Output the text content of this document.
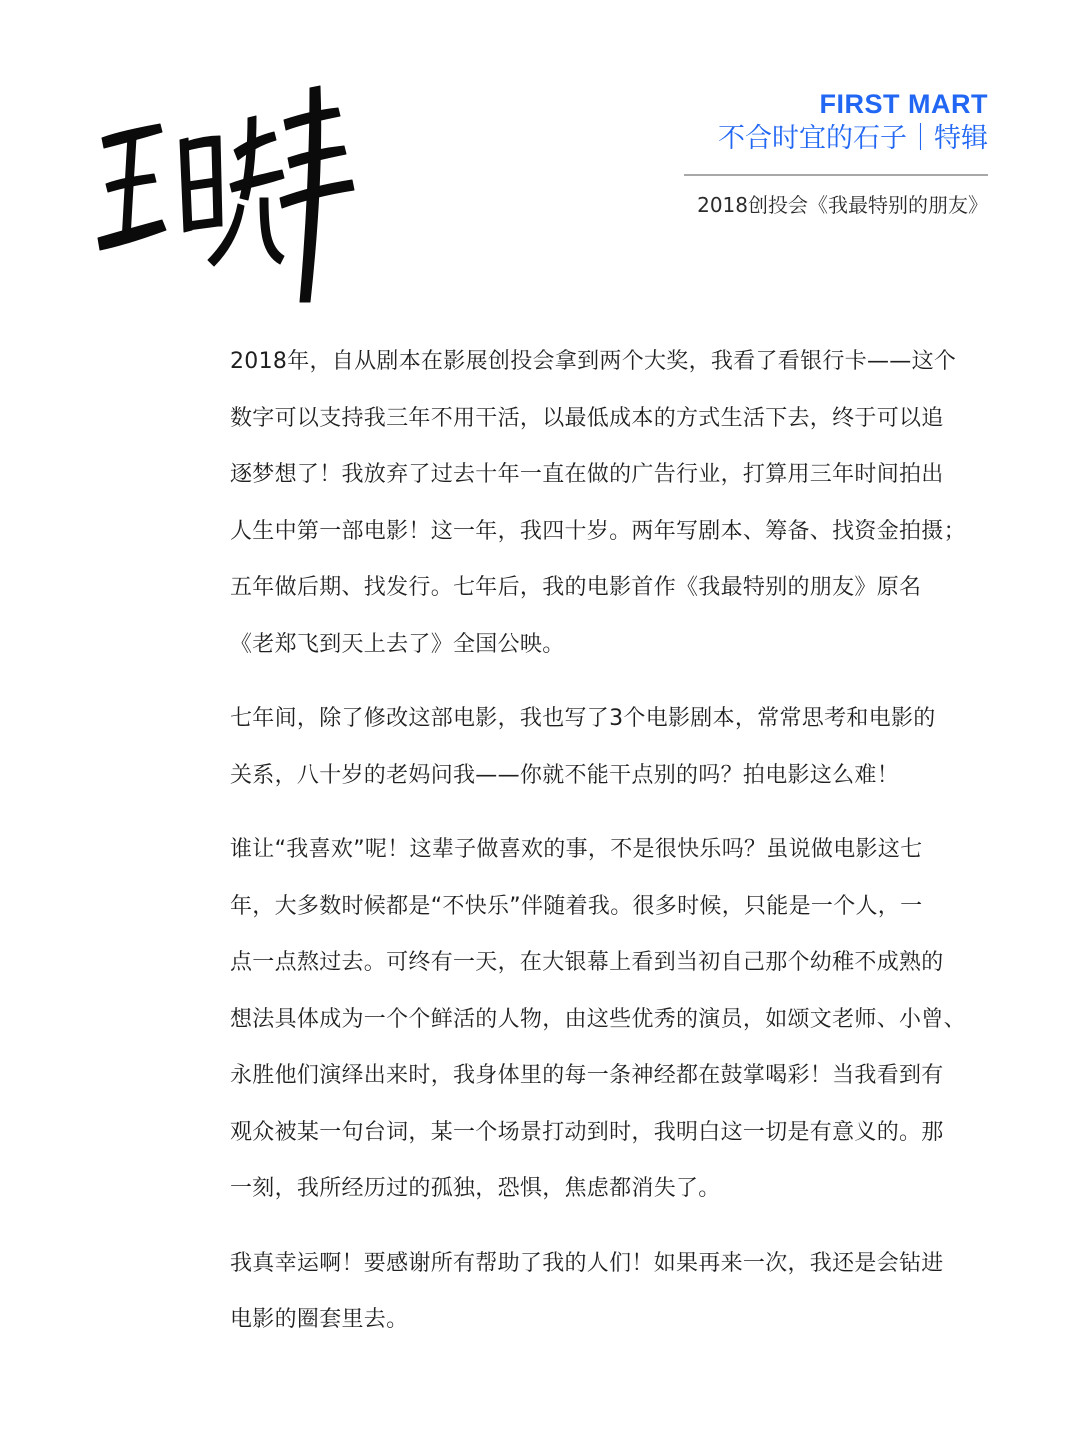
FIRST MART
不合时宜的石子｜特辑
2018创投会《我最特别的朋友》

2018年，自从剧本在影展创投会拿到两个大奖，我看了看银行卡——这个
数字可以支持我三年不用干活，以最低成本的方式生活下去，终于可以追
逐梦想了！我放弃了过去十年一直在做的广告行业，打算用三年时间拍出
人生中第一部电影！这一年，我四十岁。两年写剧本、筹备、找资金拍摄；
五年做后期、找发行。七年后，我的电影首作《我最特别的朋友》原名
《老郑飞到天上去了》全国公映。

七年间，除了修改这部电影，我也写了3个电影剧本，常常思考和电影的
关系，八十岁的老妈问我——你就不能干点别的吗？拍电影这么难！

谁让“我喜欢”呢！这辈子做喜欢的事，不是很快乐吗？虽说做电影这七
年，大多数时候都是“不快乐”伴随着我。很多时候，只能是一个人，一
点一点熬过去。可终有一天，在大银幕上看到当初自己那个幼稚不成熟的
想法具体成为一个个鲜活的人物，由这些优秀的演员，如颂文老师、小曾、
永胜他们演绎出来时，我身体里的每一条神经都在鼓掌喝彩！当我看到有
观众被某一句台词，某一个场景打动到时，我明白这一切是有意义的。那
一刻，我所经历过的孤独，恐惧，焦虑都消失了。

我真幸运啊！要感谢所有帮助了我的人们！如果再来一次，我还是会钻进
电影的圈套里去。
